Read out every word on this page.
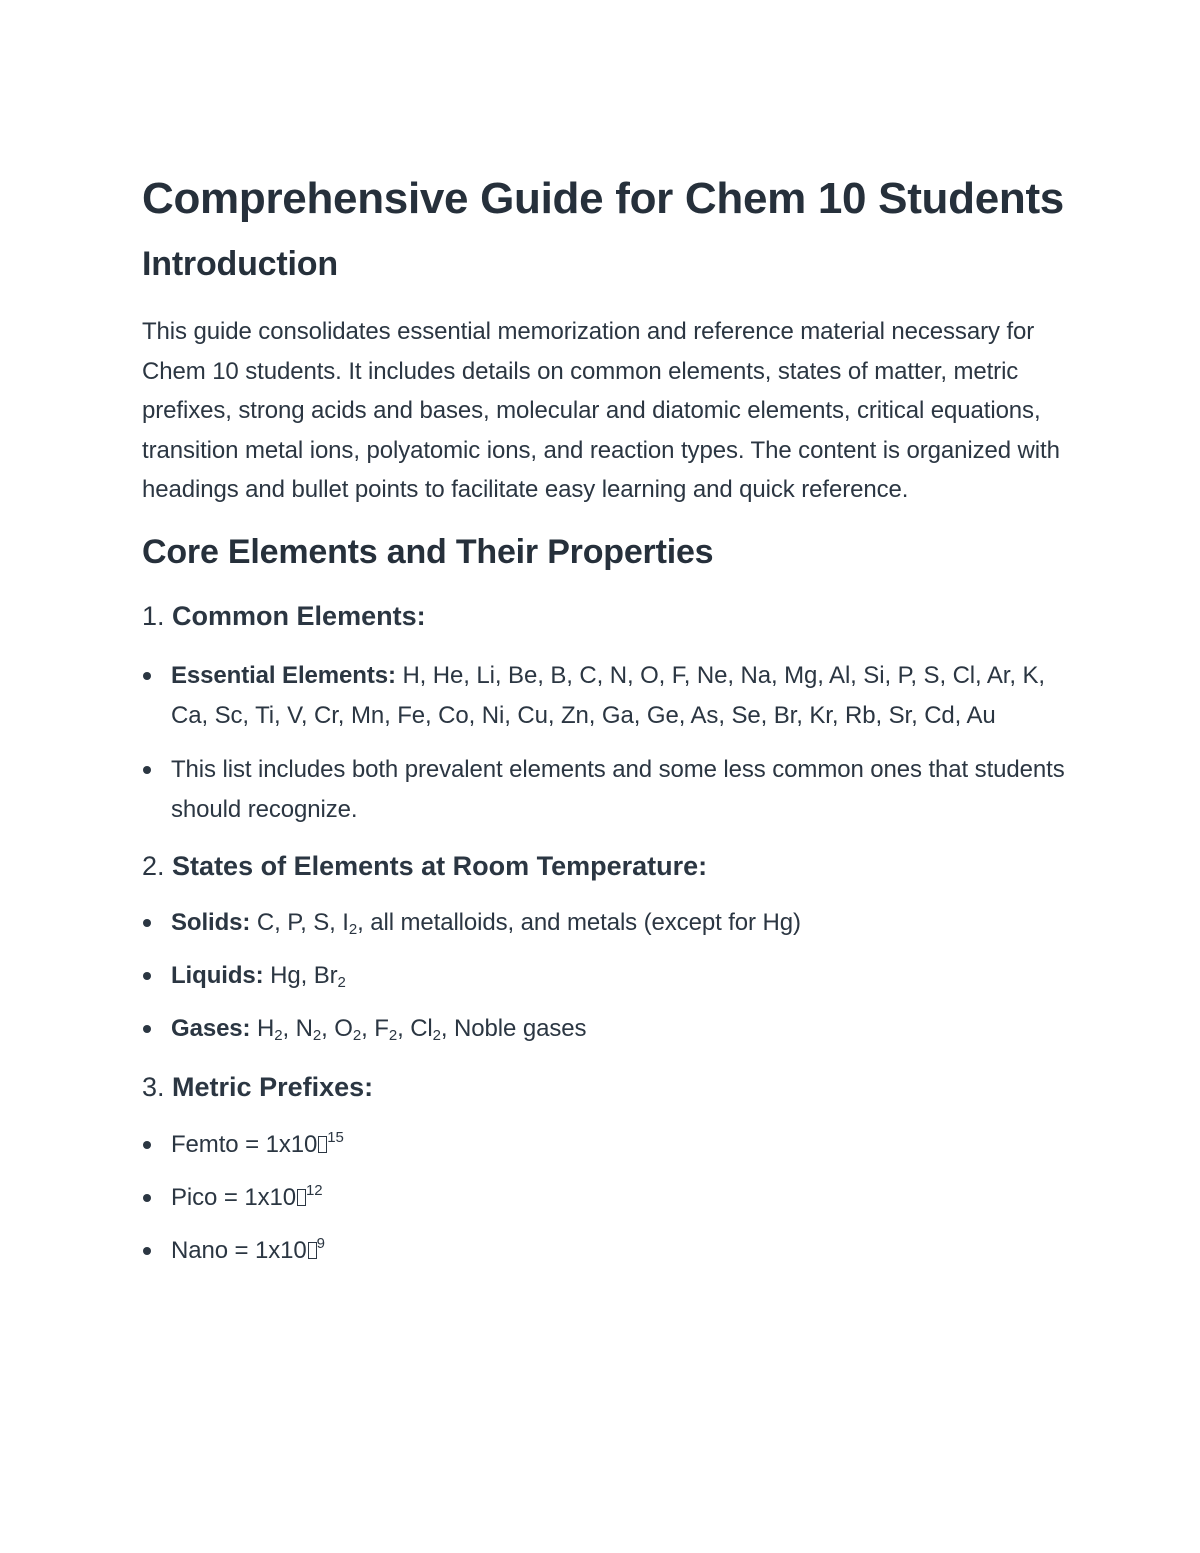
Comprehensive Guide for Chem 10 Students
Introduction

This guide consolidates essential memorization and reference material necessary for Chem 10 students. It includes details on common elements, states of matter, metric prefixes, strong acids and bases, molecular and diatomic elements, critical equations, transition metal ions, polyatomic ions, and reaction types. The content is organized with headings and bullet points to facilitate easy learning and quick reference.

Core Elements and Their Properties
1. Common Elements:
Essential Elements: H, He, Li, Be, B, C, N, O, F, Ne, Na, Mg, Al, Si, P, S, Cl, Ar, K, Ca, Sc, Ti, V, Cr, Mn, Fe, Co, Ni, Cu, Zn, Ga, Ge, As, Se, Br, Kr, Rb, Sr, Cd, Au
This list includes both prevalent elements and some less common ones that students should recognize.
2. States of Elements at Room Temperature:
Solids: C, P, S, $I_2$, all metalloids, and metals (except for Hg)
Liquids: Hg, $Br_2$
Gases: $H_2$, $N_2$, $O_2$, $F_2$, $Cl_2$, Noble gases
3. Metric Prefixes:
Femto = 1x10 $^{15}$
Pico = 1x10 $^{12}$
Nano = 1x10 $^9$
